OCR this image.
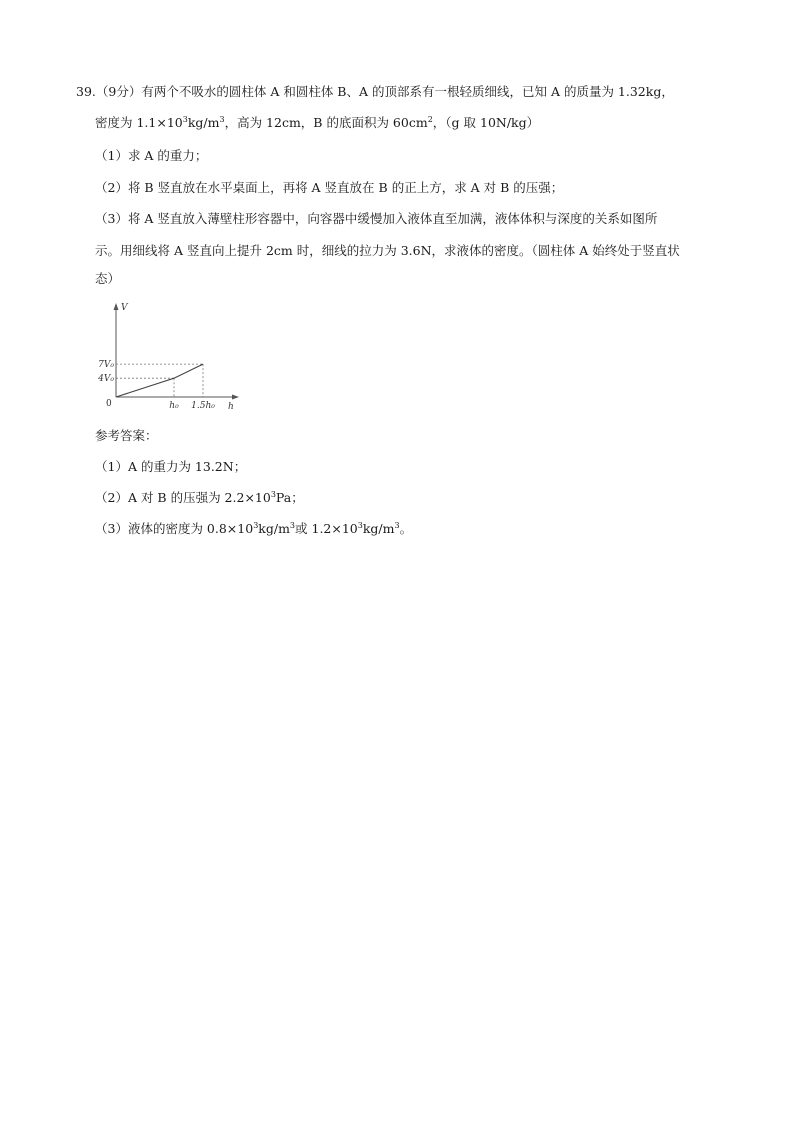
39.（9分）有两个不吸水的圆柱体 A 和圆柱体 B、A 的顶部系有一根轻质细线，已知 A 的质量为 1.32kg，
密度为 $1.1\times 10^3kg/m^3$，高为 12cm，B 的底面积为 $60cm^2$，（g 取 10N/kg）
（1）求 A 的重力；
（2）将 B 竖直放在水平桌面上，再将 A 竖直放在 B 的正上方，求 A 对 B 的压强；
（3）将 A 竖直放入薄壁柱形容器中，向容器中缓慢加入液体直至加满，液体体积与深度的关系如图所
示。用细线将 A 竖直向上提升 2cm 时，细线的拉力为 3.6N，求液体的密度。（圆柱体 A 始终处于竖直状
态）
V
h
0
4V₀
7V₀
h₀ 1.5h₀
参考答案：
（1）A 的重力为 13.2N；
（2）A 对 B 的压强为 $2.2\times 10^3Pa$；
（3）液体的密度为 $0.8\times 10^3kg/m^3$或 $1.2\times 10^3kg/m^3$。
